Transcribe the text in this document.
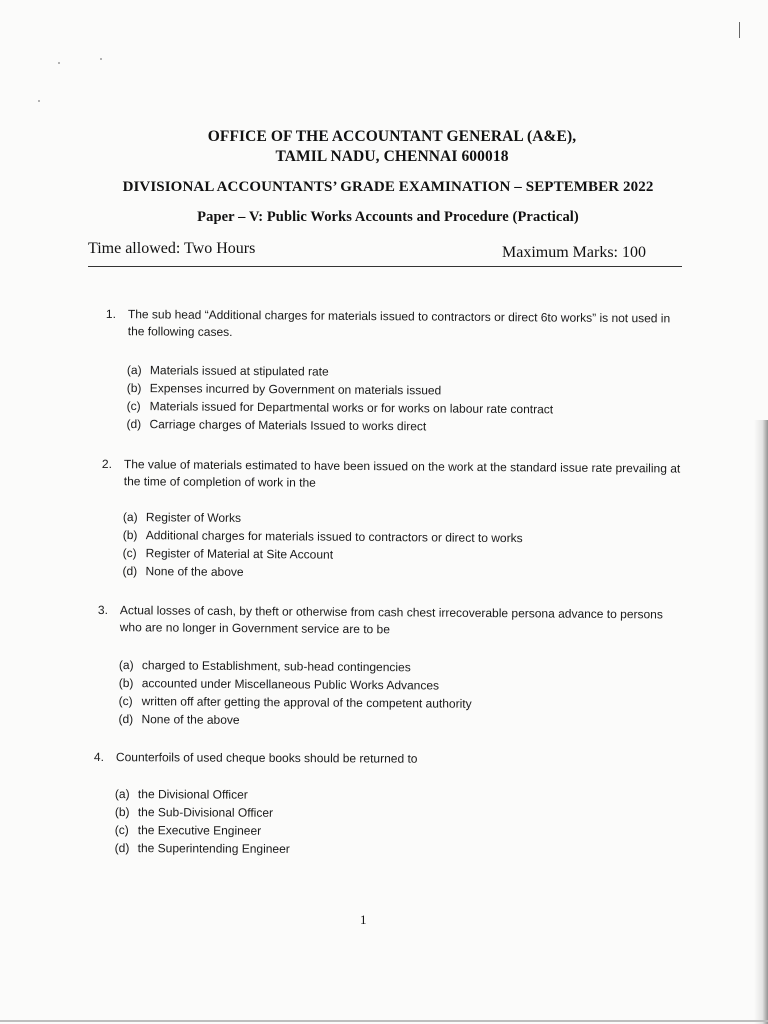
OFFICE OF THE ACCOUNTANT GENERAL (A&E),
TAMIL NADU, CHENNAI 600018
DIVISIONAL ACCOUNTANTS’ GRADE EXAMINATION – SEPTEMBER 2022
Paper – V: Public Works Accounts and Procedure (Practical)
Time allowed: Two Hours	Maximum Marks: 100
1. The sub head “Additional charges for materials issued to contractors or direct 6to works” is not used in the following cases.
(a) Materials issued at stipulated rate
(b) Expenses incurred by Government on materials issued
(c) Materials issued for Departmental works or for works on labour rate contract
(d) Carriage charges of Materials Issued to works direct
2. The value of materials estimated to have been issued on the work at the standard issue rate prevailing at the time of completion of work in the
(a) Register of Works
(b) Additional charges for materials issued to contractors or direct to works
(c) Register of Material at Site Account
(d) None of the above
3. Actual losses of cash, by theft or otherwise from cash chest irrecoverable persona advance to persons who are no longer in Government service are to be
(a) charged to Establishment, sub-head contingencies
(b) accounted under Miscellaneous Public Works Advances
(c) written off after getting the approval of the competent authority
(d) None of the above
4. Counterfoils of used cheque books should be returned to
(a) the Divisional Officer
(b) the Sub-Divisional Officer
(c) the Executive Engineer
(d) the Superintending Engineer
1
